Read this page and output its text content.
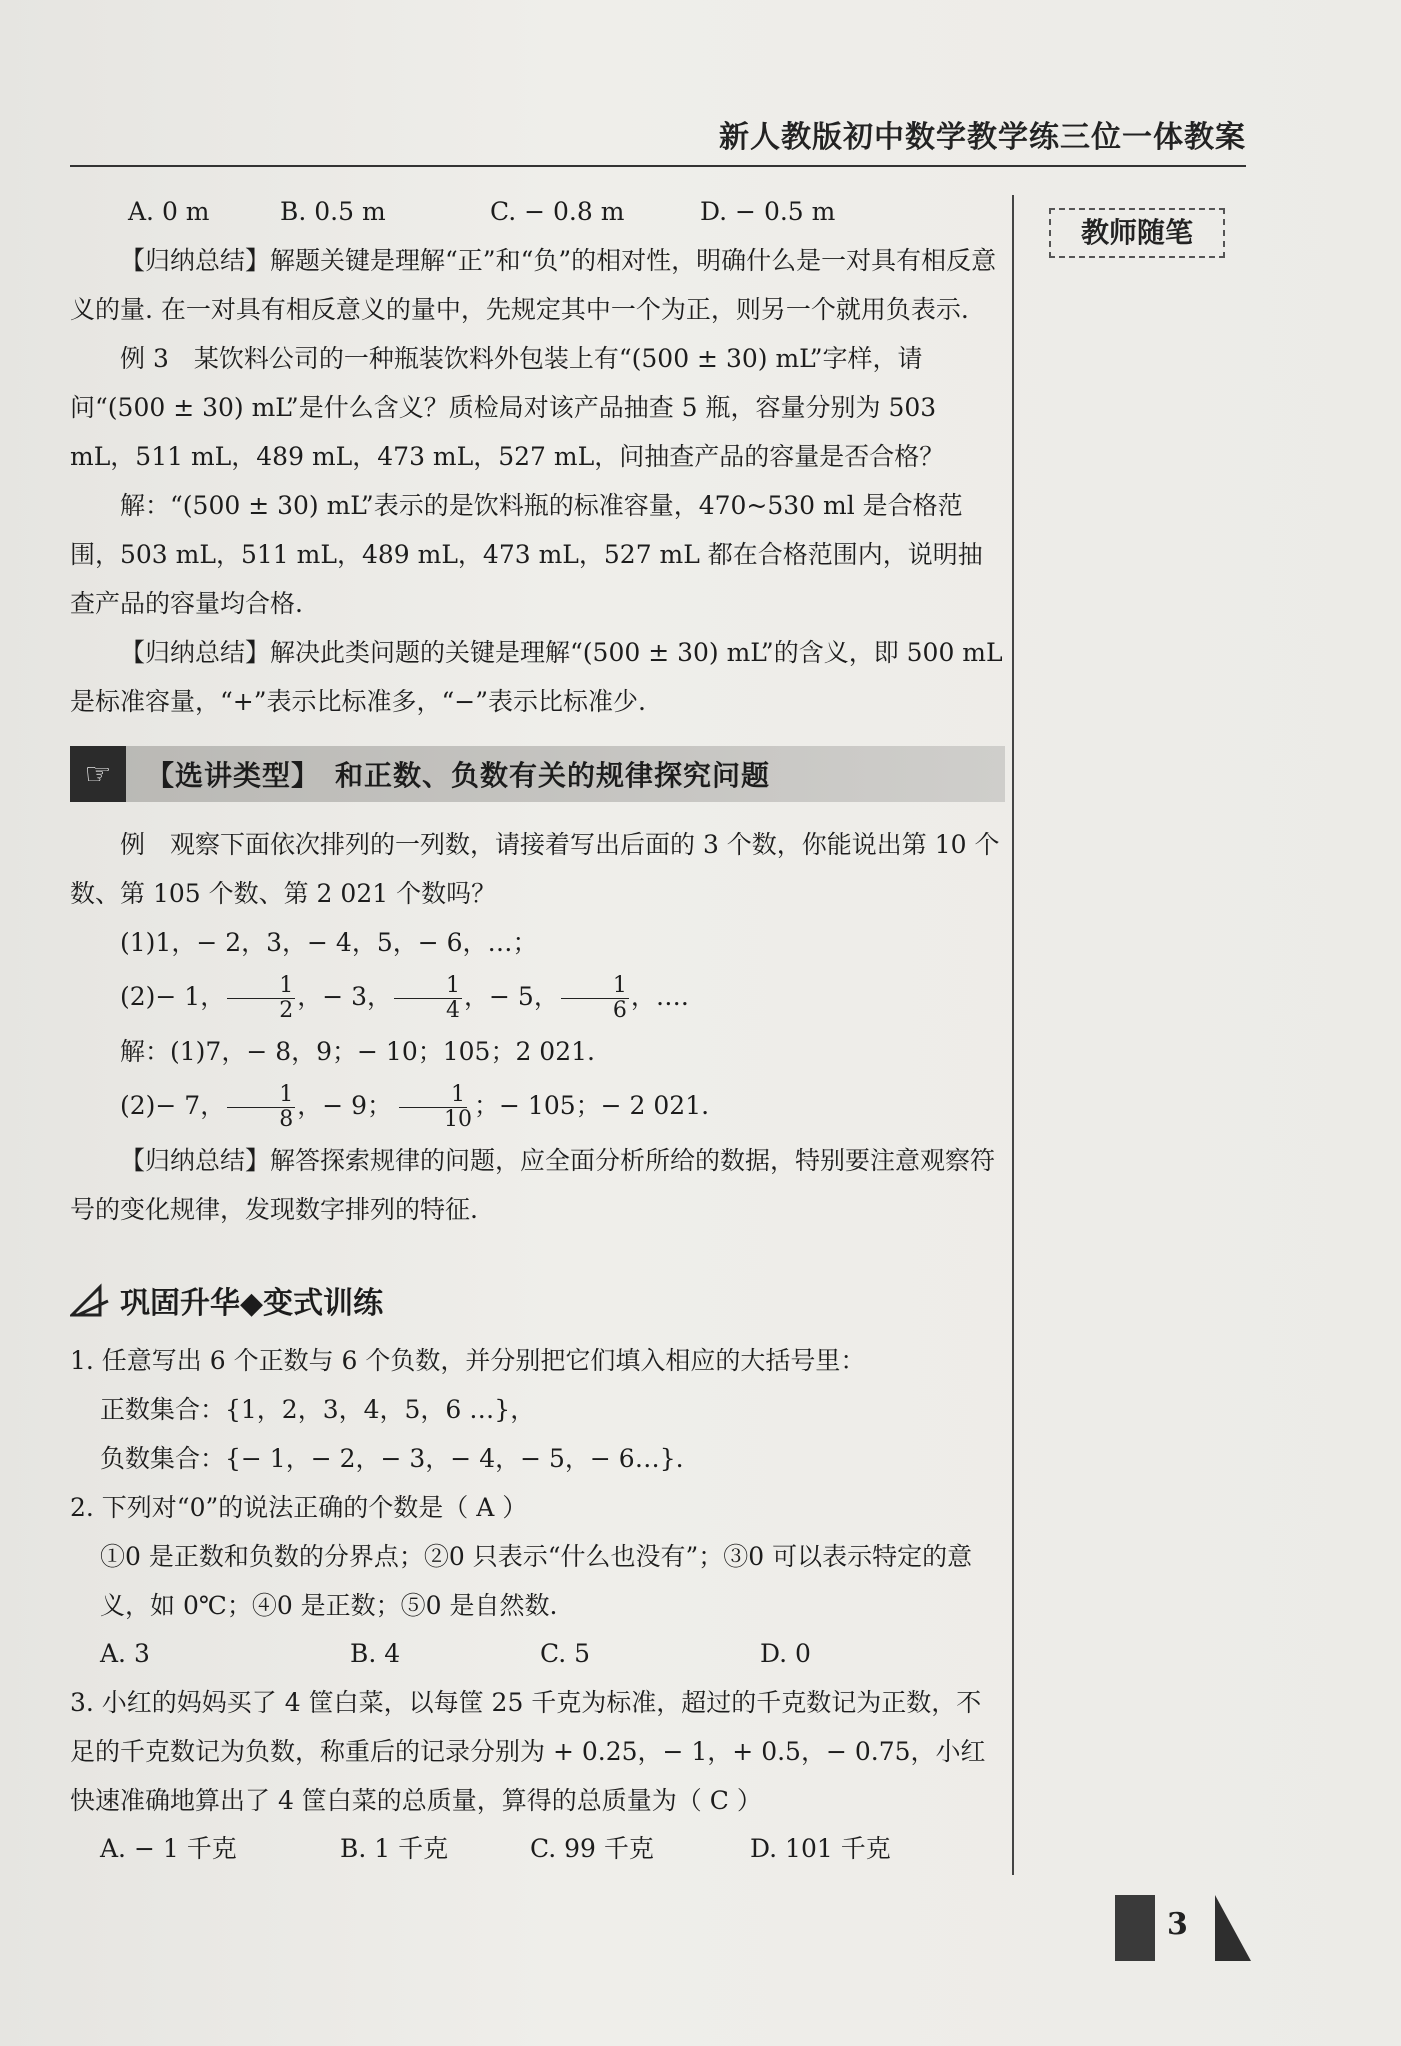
新人教版初中数学教学练三位一体教案
教师随笔
A. 0 m	B. 0.5 m	C. − 0.8 m	D. − 0.5 m

【归纳总结】解题关键是理解“正”和“负”的相对性，明确什么是一对具有相反意义的量. 在一对具有相反意义的量中，先规定其中一个为正，则另一个就用负表示.

例 3　某饮料公司的一种瓶装饮料外包装上有“(500 ± 30) mL”字样，请问“(500 ± 30) mL”是什么含义？质检局对该产品抽查 5 瓶，容量分别为 503 mL，511 mL，489 mL，473 mL，527 mL，问抽查产品的容量是否合格？

解：“(500 ± 30) mL”表示的是饮料瓶的标准容量，470~530 ml 是合格范围，503 mL，511 mL，489 mL，473 mL，527 mL 都在合格范围内，说明抽查产品的容量均合格.

【归纳总结】解决此类问题的关键是理解“(500 ± 30) mL”的含义，即 500 mL 是标准容量，“+”表示比标准多，“−”表示比标准少.

☞	【选讲类型】　和正数、负数有关的规律探究问题

例　观察下面依次排列的一列数，请接着写出后面的 3 个数，你能说出第 10 个数、第 105 个数、第 2 021 个数吗？

(1)1，− 2，3，− 4，5，− 6，…；

(2)− 1， $\frac{1}{2}$ ，− 3， $\frac{1}{4}$ ，− 5， $\frac{1}{6}$ ，….

解：(1)7，− 8，9；− 10；105；2 021.

(2)− 7， $\frac{1}{8}$ ，− 9； $\frac{1}{10}$ ；− 105；− 2 021.

【归纳总结】解答探索规律的问题，应全面分析所给的数据，特别要注意观察符号的变化规律，发现数字排列的特征.

巩固升华◆变式训练

1. 任意写出 6 个正数与 6 个负数，并分别把它们填入相应的大括号里：

正数集合：{1，2，3，4，5，6 …}，

负数集合：{− 1，− 2，− 3，− 4，− 5，− 6…}.

2. 下列对“0”的说法正确的个数是（ A ）

①0 是正数和负数的分界点；②0 只表示“什么也没有”；③0 可以表示特定的意义，如 0℃；④0 是正数；⑤0 是自然数.

A. 3	B. 4	C. 5	D. 0

3. 小红的妈妈买了 4 筐白菜，以每筐 25 千克为标准，超过的千克数记为正数，不足的千克数记为负数，称重后的记录分别为 + 0.25，− 1，+ 0.5，− 0.75，小红快速准确地算出了 4 筐白菜的总质量，算得的总质量为（ C ）

A. − 1 千克	B. 1 千克	C. 99 千克	D. 101 千克
3
